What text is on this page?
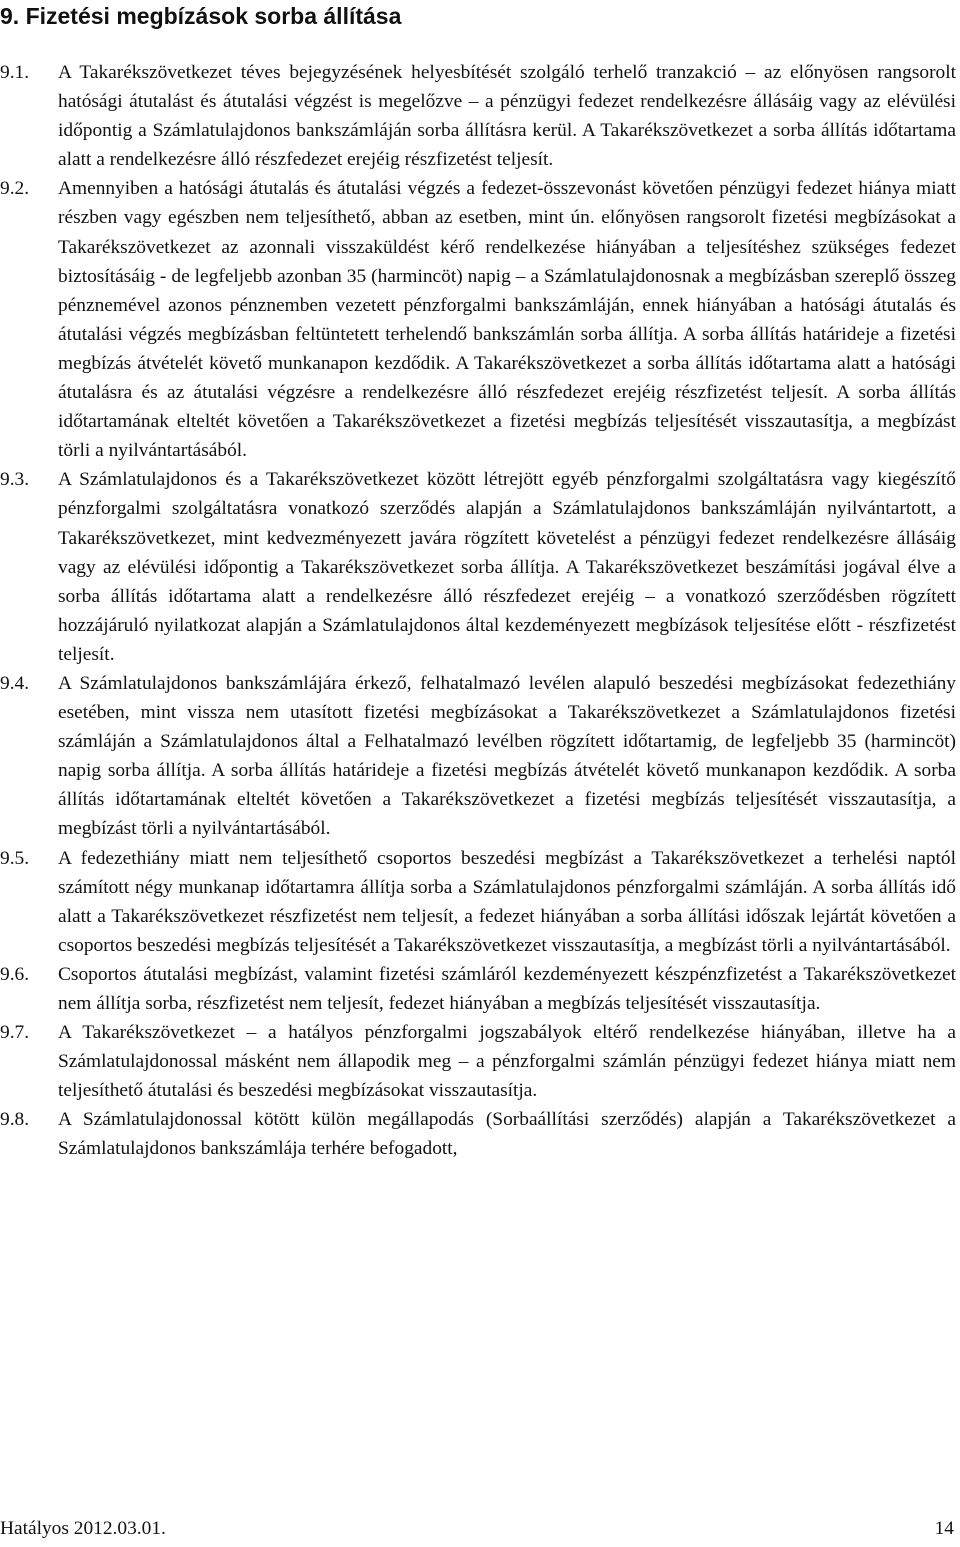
9. Fizetési megbízások sorba állítása

9.1. A Takarékszövetkezet téves bejegyzésének helyesbítését szolgáló terhelő tranzakció – az előnyösen rangsorolt hatósági átutalást és átutalási végzést is megelőzve – a pénzügyi fedezet rendelkezésre állásáig vagy az elévülési időpontig a Számlatulajdonos bankszámláján sorba állításra kerül. A Takarékszövetkezet a sorba állítás időtartama alatt a rendelkezésre álló részfedezet erejéig részfizetést teljesít.

9.2. Amennyiben a hatósági átutalás és átutalási végzés a fedezet-összevonást követően pénzügyi fedezet hiánya miatt részben vagy egészben nem teljesíthető, abban az esetben, mint ún. előnyösen rangsorolt fizetési megbízásokat a Takarékszövetkezet az azonnali visszaküldést kérő rendelkezése hiányában a teljesítéshez szükséges fedezet biztosításáig - de legfeljebb azonban 35 (harmincöt) napig – a Számlatulajdonosnak a megbízásban szereplő összeg pénznemével azonos pénznemben vezetett pénzforgalmi bankszámláján, ennek hiányában a hatósági átutalás és átutalási végzés megbízásban feltüntetett terhelendő bankszámlán sorba állítja. A sorba állítás határideje a fizetési megbízás átvételét követő munkanapon kezdődik. A Takarékszövetkezet a sorba állítás időtartama alatt a hatósági átutalásra és az átutalási végzésre a rendelkezésre álló részfedezet erejéig részfizetést teljesít. A sorba állítás időtartamának elteltét követően a Takarékszövetkezet a fizetési megbízás teljesítését visszautasítja, a megbízást törli a nyilvántartásából.

9.3. A Számlatulajdonos és a Takarékszövetkezet között létrejött egyéb pénzforgalmi szolgáltatásra vagy kiegészítő pénzforgalmi szolgáltatásra vonatkozó szerződés alapján a Számlatulajdonos bankszámláján nyilvántartott, a Takarékszövetkezet, mint kedvezményezett javára rögzített követelést a pénzügyi fedezet rendelkezésre állásáig vagy az elévülési időpontig a Takarékszövetkezet sorba állítja. A Takarékszövetkezet beszámítási jogával élve a sorba állítás időtartama alatt a rendelkezésre álló részfedezet erejéig – a vonatkozó szerződésben rögzített hozzájáruló nyilatkozat alapján a Számlatulajdonos által kezdeményezett megbízások teljesítése előtt - részfizetést teljesít.

9.4. A Számlatulajdonos bankszámlájára érkező, felhatalmazó levélen alapuló beszedési megbízásokat fedezethiány esetében, mint vissza nem utasított fizetési megbízásokat a Takarékszövetkezet a Számlatulajdonos fizetési számláján a Számlatulajdonos által a Felhatalmazó levélben rögzített időtartamig, de legfeljebb 35 (harmincöt) napig sorba állítja. A sorba állítás határideje a fizetési megbízás átvételét követő munkanapon kezdődik. A sorba állítás időtartamának elteltét követően a Takarékszövetkezet a fizetési megbízás teljesítését visszautasítja, a megbízást törli a nyilvántartásából.

9.5. A fedezethiány miatt nem teljesíthető csoportos beszedési megbízást a Takarékszövetkezet a terhelési naptól számított négy munkanap időtartamra állítja sorba a Számlatulajdonos pénzforgalmi számláján. A sorba állítás idő alatt a Takarékszövetkezet részfizetést nem teljesít, a fedezet hiányában a sorba állítási időszak lejártát követően a csoportos beszedési megbízás teljesítését a Takarékszövetkezet visszautasítja, a megbízást törli a nyilvántartásából.

9.6. Csoportos átutalási megbízást, valamint fizetési számláról kezdeményezett készpénzfizetést a Takarékszövetkezet nem állítja sorba, részfizetést nem teljesít, fedezet hiányában a megbízás teljesítését visszautasítja.

9.7. A Takarékszövetkezet – a hatályos pénzforgalmi jogszabályok eltérő rendelkezése hiányában, illetve ha a Számlatulajdonossal másként nem állapodik meg – a pénzforgalmi számlán pénzügyi fedezet hiánya miatt nem teljesíthető átutalási és beszedési megbízásokat visszautasítja.

9.8. A Számlatulajdonossal kötött külön megállapodás (Sorbaállítási szerződés) alapján a Takarékszövetkezet a Számlatulajdonos bankszámlája terhére befogadott,

Hatályos 2012.03.01.	14
